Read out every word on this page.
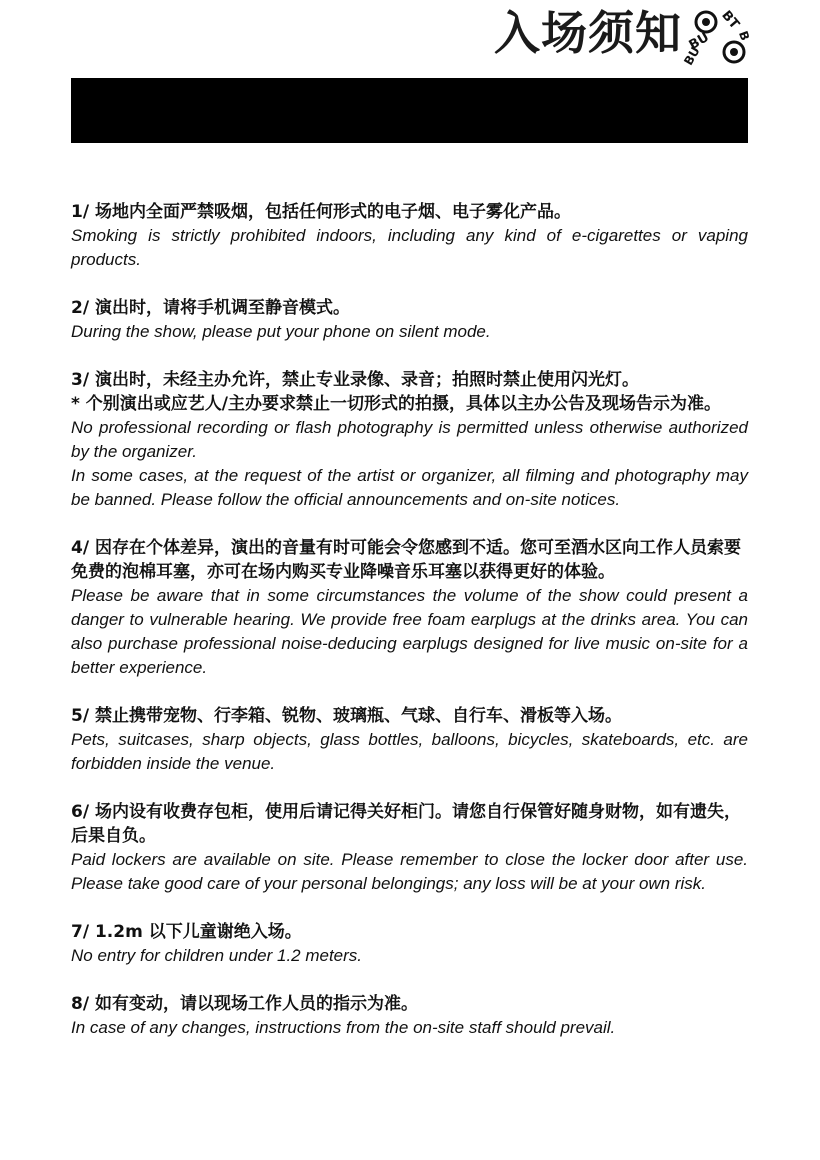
入场须知 BU
BT
BU
B

1/ 场地内全面严禁吸烟，包括任何形式的电子烟、电子雾化产品。

Smoking is strictly prohibited indoors, including any kind of e-cigarettes or vaping products.

2/ 演出时，请将手机调至静音模式。

During the show, please put your phone on silent mode.

3/ 演出时，未经主办允许，禁止专业录像、录音；拍照时禁止使用闪光灯。

* 个别演出或应艺人/主办要求禁止一切形式的拍摄，具体以主办公告及现场告示为准。

No professional recording or flash photography is permitted unless otherwise authorized by the organizer.

In some cases, at the request of the artist or organizer, all filming and photography may be banned. Please follow the official announcements and on-site notices.

4/ 因存在个体差异，演出的音量有时可能会令您感到不适。您可至酒水区向工作人员索要免费的泡棉耳塞，亦可在场内购买专业降噪音乐耳塞以获得更好的体验。

Please be aware that in some circumstances the volume of the show could present a danger to vulnerable hearing. We provide free foam earplugs at the drinks area. You can also purchase professional noise-deducing earplugs designed for live music on-site for a better experience.

5/ 禁止携带宠物、行李箱、锐物、玻璃瓶、气球、自行车、滑板等入场。

Pets, suitcases, sharp objects, glass bottles, balloons, bicycles, skateboards, etc. are forbidden inside the venue.

6/ 场内设有收费存包柜，使用后请记得关好柜门。请您自行保管好随身财物，如有遗失，后果自负。

Paid lockers are available on site. Please remember to close the locker door after use. Please take good care of your personal belongings; any loss will be at your own risk.

7/ 1.2m 以下儿童谢绝入场。

No entry for children under 1.2 meters.

8/ 如有变动，请以现场工作人员的指示为准。

In case of any changes, instructions from the on-site staff should prevail.
